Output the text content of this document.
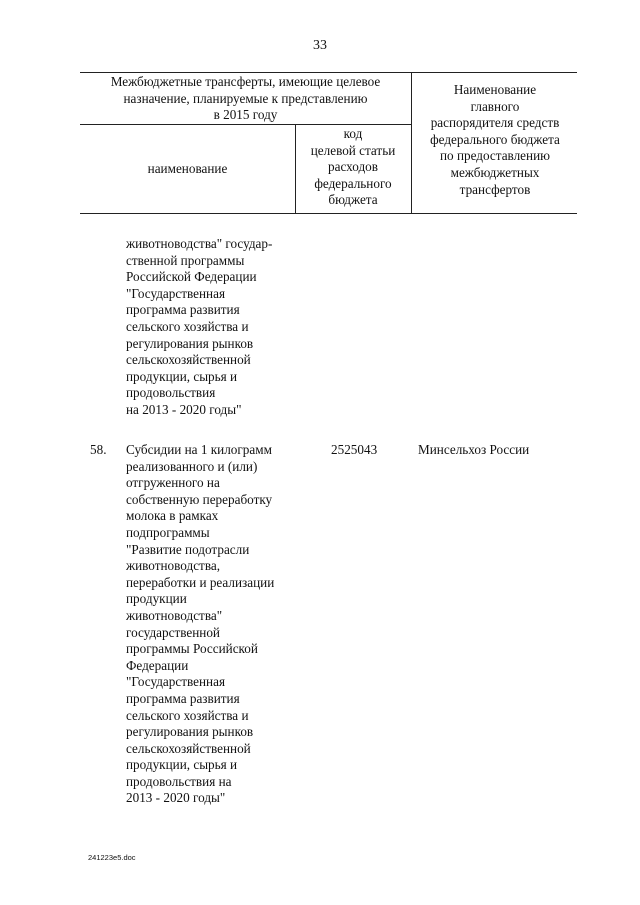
33
Межбюджетные трансферты, имеющие целевое
назначение, планируемые к представлению
в 2015 году
наименование
код
целевой статьи
расходов
федерального
бюджета
Наименование
главного
распорядителя средств
федерального бюджета
по предоставлению
межбюджетных
трансфертов
животноводства" государ-
ственной программы
Российской Федерации
"Государственная
программа развития
сельского хозяйства и
регулирования рынков
сельскохозяйственной
продукции, сырья и
продовольствия
на 2013 - 2020 годы"
58. Субсидии на 1 килограмм
реализованного и (или)
отгруженного на
собственную переработку
молока в рамках
подпрограммы
"Развитие подотрасли
животноводства,
переработки и реализации
продукции
животноводства"
государственной
программы Российской
Федерации
"Государственная
программа развития
сельского хозяйства и
регулирования рынков
сельскохозяйственной
продукции, сырья и
продовольствия на
2013 - 2020 годы"
2525043	Минсельхоз России
241223e5.doc
